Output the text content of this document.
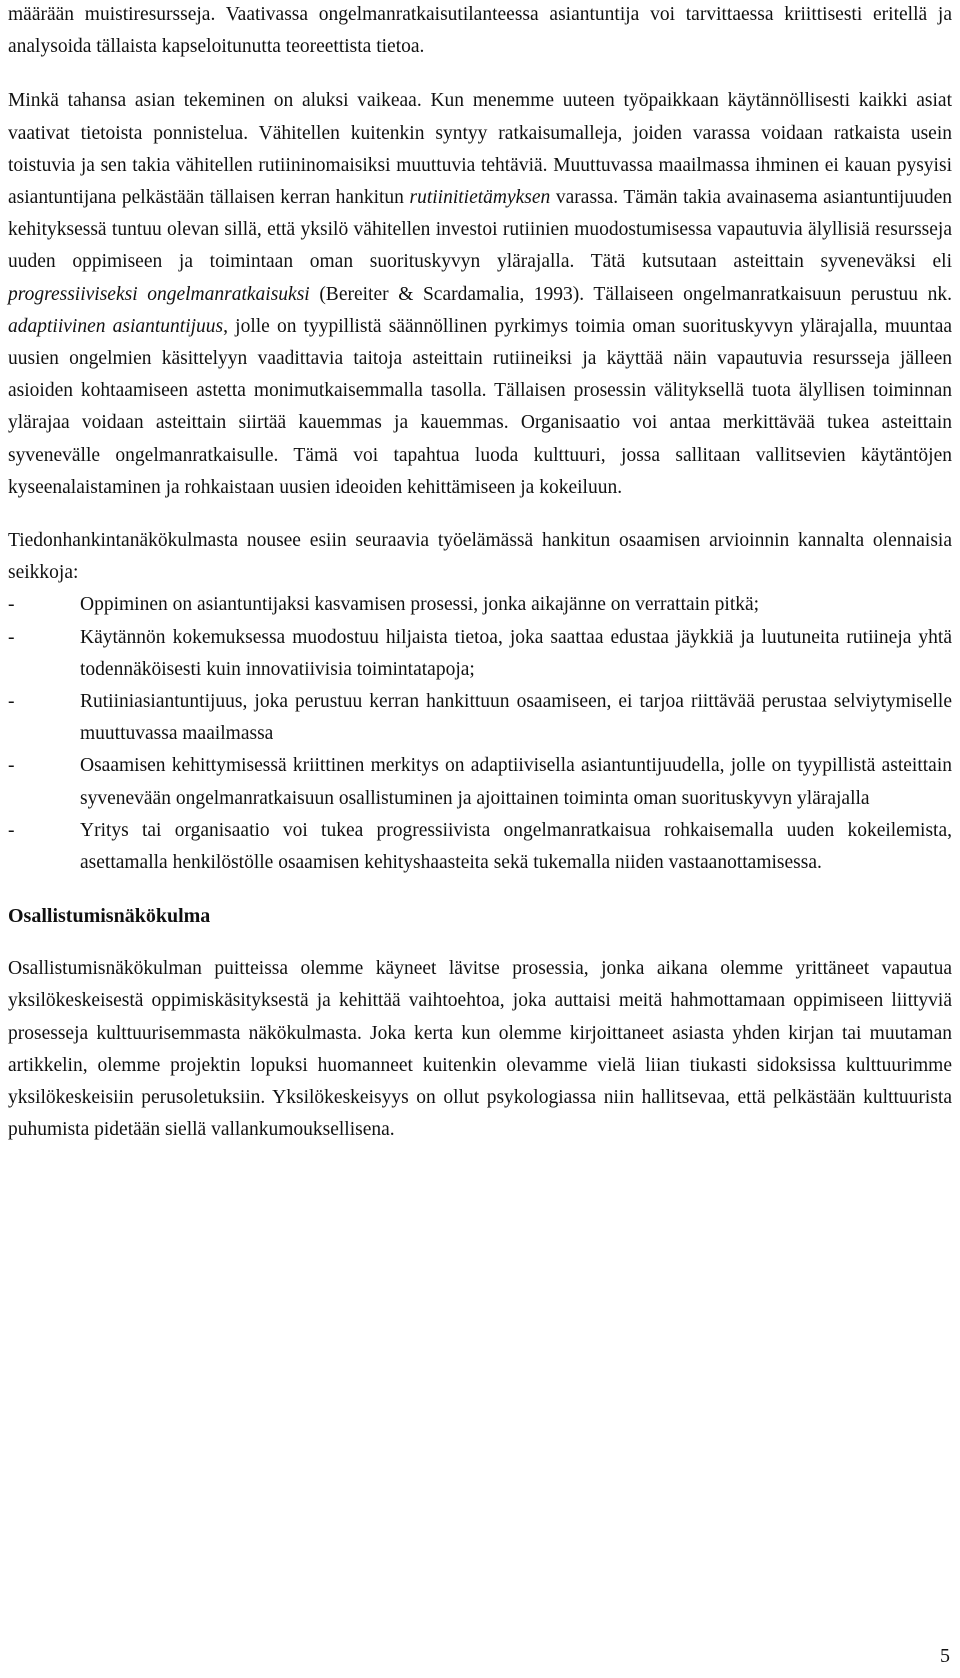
määrään muistiresursseja. Vaativassa ongelmanratkaisutilanteessa asiantuntija voi tarvittaessa kriittisesti eritellä ja analysoida tällaista kapseloitunutta teoreettista tietoa.

Minkä tahansa asian tekeminen on aluksi vaikeaa. Kun menemme uuteen työpaikkaan käytännöllisesti kaikki asiat vaativat tietoista ponnistelua. Vähitellen kuitenkin syntyy ratkaisumalleja, joiden varassa voidaan ratkaista usein toistuvia ja sen takia vähitellen rutiininomaisiksi muuttuvia tehtäviä. Muuttuvassa maailmassa ihminen ei kauan pysyisi asiantuntijana pelkästään tällaisen kerran hankitun rutiinitietämyksen varassa. Tämän takia avainasema asiantuntijuuden kehityksessä tuntuu olevan sillä, että yksilö vähitellen investoi rutiinien muodostumisessa vapautuvia älyllisiä resursseja uuden oppimiseen ja toimintaan oman suorituskyvyn ylärajalla. Tätä kutsutaan asteittain syveneväksi eli progressiiviseksi ongelmanratkaisuksi (Bereiter & Scardamalia, 1993). Tällaiseen ongelmanratkaisuun perustuu nk. adaptiivinen asiantuntijuus, jolle on tyypillistä säännöllinen pyrkimys toimia oman suorituskyvyn ylärajalla, muuntaa uusien ongelmien käsittelyyn vaadittavia taitoja asteittain rutiineiksi ja käyttää näin vapautuvia resursseja jälleen asioiden kohtaamiseen astetta monimutkaisemmalla tasolla. Tällaisen prosessin välityksellä tuota älyllisen toiminnan ylärajaa voidaan asteittain siirtää kauemmas ja kauemmas. Organisaatio voi antaa merkittävää tukea asteittain syvenevälle ongelmanratkaisulle. Tämä voi tapahtua luoda kulttuuri, jossa sallitaan vallitsevien käytäntöjen kyseenalaistaminen ja rohkaistaan uusien ideoiden kehittämiseen ja kokeiluun.

Tiedonhankintanäkökulmasta nousee esiin seuraavia työelämässä hankitun osaamisen arvioinnin kannalta olennaisia seikkoja:

-	Oppiminen on asiantuntijaksi kasvamisen prosessi, jonka aikajänne on verrattain pitkä;
-	Käytännön kokemuksessa muodostuu hiljaista tietoa, joka saattaa edustaa jäykkiä ja luutuneita rutiineja yhtä todennäköisesti kuin innovatiivisia toimintatapoja;
-	Rutiiniasiantuntijuus, joka perustuu kerran hankittuun osaamiseen, ei tarjoa riittävää perustaa selviytymiselle muuttuvassa maailmassa
-	Osaamisen kehittymisessä kriittinen merkitys on adaptiivisella asiantuntijuudella, jolle on tyypillistä asteittain syvenevään ongelmanratkaisuun osallistuminen ja ajoittainen toiminta oman suorituskyvyn ylärajalla
-	Yritys tai organisaatio voi tukea progressiivista ongelmanratkaisua rohkaisemalla uuden kokeilemista, asettamalla henkilöstölle osaamisen kehityshaasteita sekä tukemalla niiden vastaanottamisessa.
Osallistumisnäkökulma

Osallistumisnäkökulman puitteissa olemme käyneet lävitse prosessia, jonka aikana olemme yrittäneet vapautua yksilökeskeisestä oppimiskäsityksestä ja kehittää vaihtoehtoa, joka auttaisi meitä hahmottamaan oppimiseen liittyviä prosesseja kulttuurisemmasta näkökulmasta. Joka kerta kun olemme kirjoittaneet asiasta yhden kirjan tai muutaman artikkelin, olemme projektin lopuksi huomanneet kuitenkin olevamme vielä liian tiukasti sidoksissa kulttuurimme yksilökeskeisiin perusoletuksiin. Yksilökeskeisyys on ollut psykologiassa niin hallitsevaa, että pelkästään kulttuurista puhumista pidetään siellä vallankumouksellisena.

5
